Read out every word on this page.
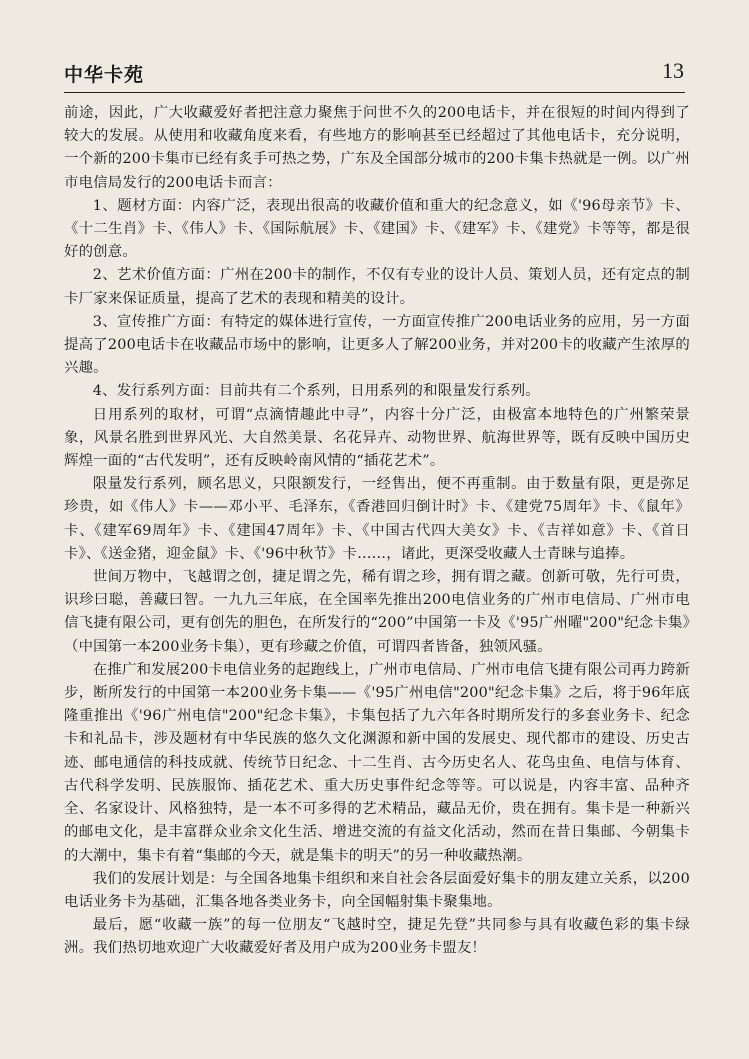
中华卡苑	13

前途，因此，广大收藏爱好者把注意力聚焦于问世不久的200电话卡，并在很短的时间内得到了较大的发展。从使用和收藏角度来看，有些地方的影响甚至已经超过了其他电话卡，充分说明，一个新的200卡集市已经有炙手可热之势，广东及全国部分城市的200卡集卡热就是一例。以广州市电信局发行的200电话卡而言：

1、题材方面：内容广泛，表现出很高的收藏价值和重大的纪念意义，如《'96母亲节》卡、《十二生肖》卡、《伟人》卡、《国际航展》卡、《建国》卡、《建军》卡、《建党》卡等等，都是很好的创意。

2、艺术价值方面：广州在200卡的制作，不仅有专业的设计人员、策划人员，还有定点的制卡厂家来保证质量，提高了艺术的表现和精美的设计。

3、宣传推广方面：有特定的媒体进行宣传，一方面宣传推广200电话业务的应用，另一方面提高了200电话卡在收藏品市场中的影响，让更多人了解200业务，并对200卡的收藏产生浓厚的兴趣。

4、发行系列方面：目前共有二个系列，日用系列的和限量发行系列。

日用系列的取材，可谓“点滴情趣此中寻”，内容十分广泛，由极富本地特色的广州繁荣景象，风景名胜到世界风光、大自然美景、名花异卉、动物世界、航海世界等，既有反映中国历史辉煌一面的“古代发明”，还有反映岭南风情的“插花艺术”。

限量发行系列，顾名思义，只限额发行，一经售出，便不再重制。由于数量有限，更是弥足珍贵，如《伟人》卡——邓小平、毛泽东，《香港回归倒计时》卡、《建党75周年》卡、《鼠年》卡、《建军69周年》卡、《建国47周年》卡、《中国古代四大美女》卡、《吉祥如意》卡、《首日卡》、《送金猪，迎金鼠》卡、《'96中秋节》卡……，诸此，更深受收藏人士青睐与追捧。

世间万物中，飞越谓之创，捷足谓之先，稀有谓之珍，拥有谓之藏。创新可敬，先行可贵，识珍曰聪，善藏曰智。一九九三年底，在全国率先推出200电信业务的广州市电信局、广州市电信飞捷有限公司，更有创先的胆色，在所发行的“200”中国第一卡及《'95广州曜"200"纪念卡集》（中国第一本200业务卡集），更有珍藏之价值，可谓四者皆备，独领风骚。

在推广和发展200卡电信业务的起跑线上，广州市电信局、广州市电信飞捷有限公司再力跨新步，断所发行的中国第一本200业务卡集——《'95广州电信"200"纪念卡集》之后，将于96年底隆重推出《'96广州电信"200"纪念卡集》，卡集包括了九六年各时期所发行的多套业务卡、纪念卡和礼品卡，涉及题材有中华民族的悠久文化渊源和新中国的发展史、现代都市的建设、历史古迹、邮电通信的科技成就、传统节日纪念、十二生肖、古今历史名人、花鸟虫鱼、电信与体育、古代科学发明、民族服饰、插花艺术、重大历史事件纪念等等。可以说是，内容丰富、品种齐全、名家设计、风格独特，是一本不可多得的艺术精品，藏品无价，贵在拥有。集卡是一种新兴的邮电文化，是丰富群众业余文化生活、增进交流的有益文化活动，然而在昔日集邮、今朝集卡的大潮中，集卡有着“集邮的今天，就是集卡的明天”的另一种收藏热潮。

我们的发展计划是：与全国各地集卡组织和来自社会各层面爱好集卡的朋友建立关系，以200电话业务卡为基础，汇集各地各类业务卡，向全国幅射集卡聚集地。

最后，愿“收藏一族”的每一位朋友“飞越时空，捷足先登”共同参与具有收藏色彩的集卡绿洲。我们热切地欢迎广大收藏爱好者及用户成为200业务卡盟友！
